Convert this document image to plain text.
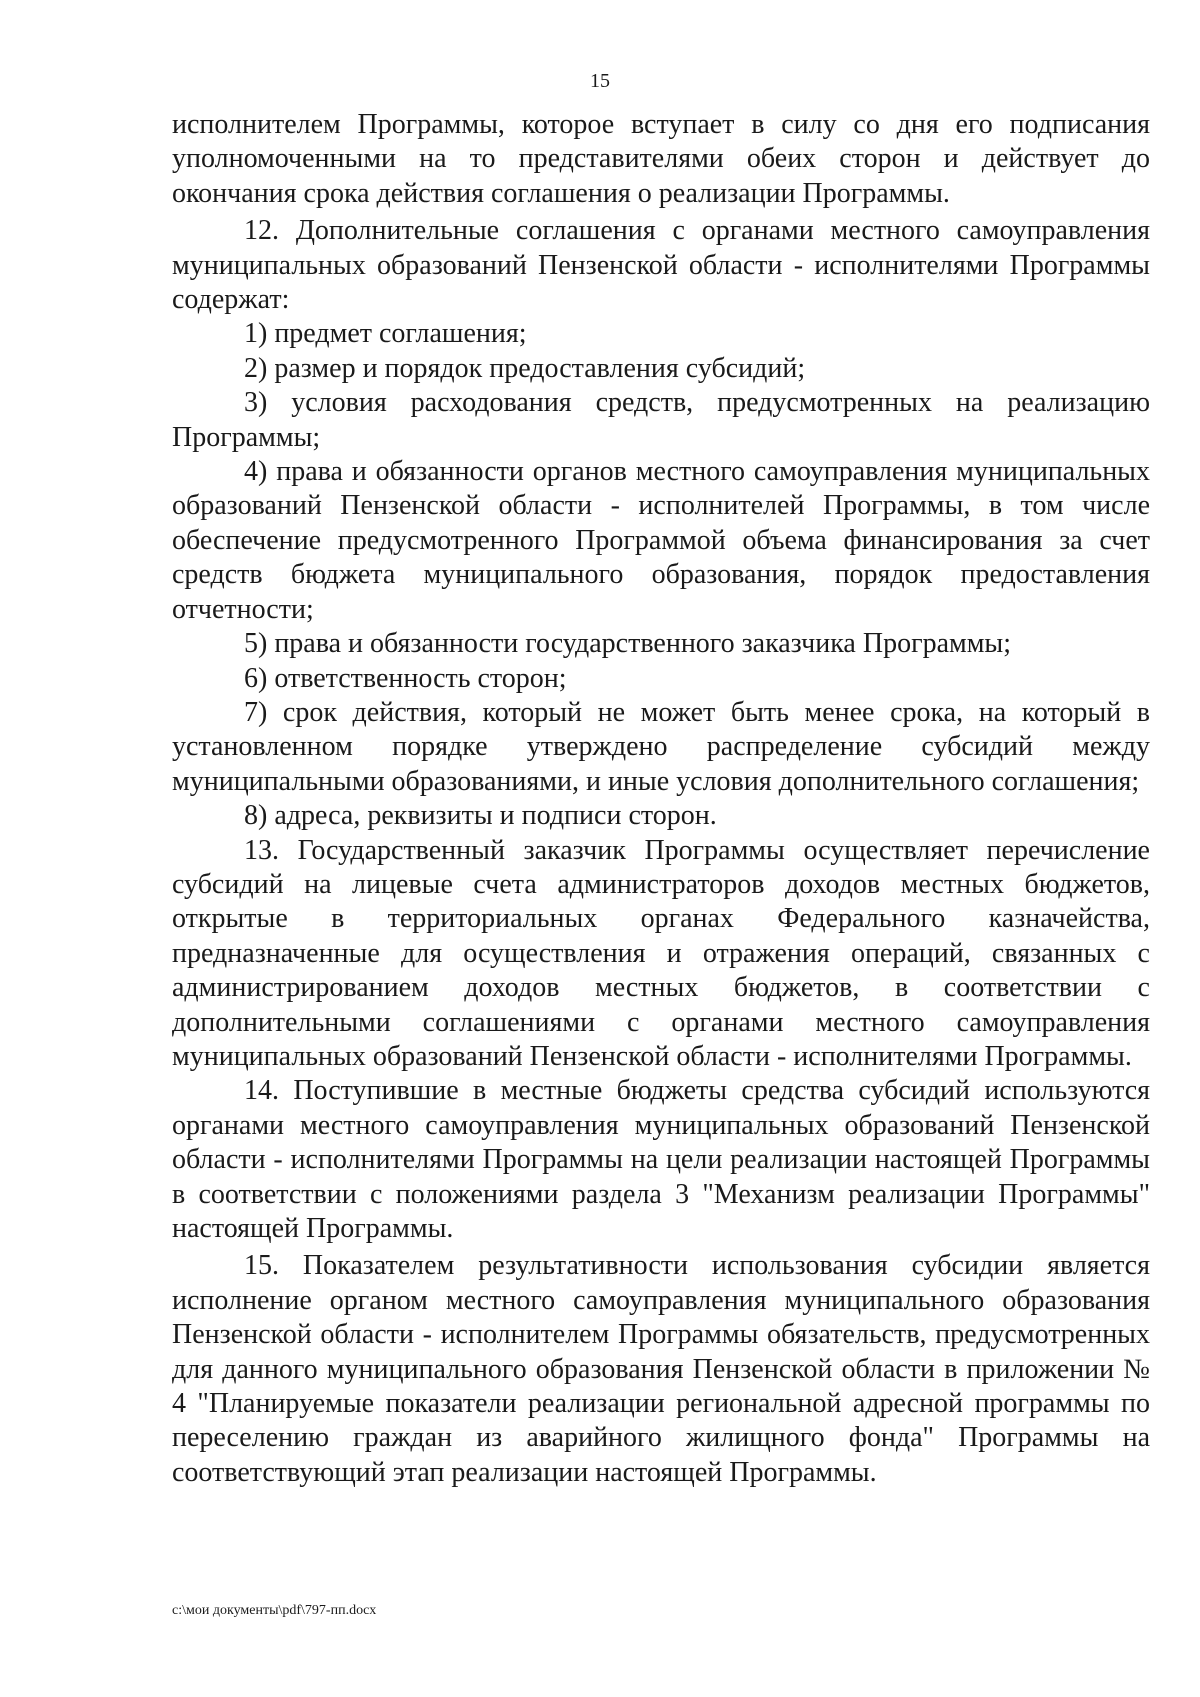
15

исполнителем Программы, которое вступает в силу со дня его подписания уполномоченными на то представителями обеих сторон и действует до окончания срока действия соглашения о реализации Программы.

12. Дополнительные соглашения с органами местного самоуправления муниципальных образований Пензенской области - исполнителями Программы содержат:

1) предмет соглашения;

2) размер и порядок предоставления субсидий;

3) условия расходования средств, предусмотренных на реализацию Программы;

4) права и обязанности органов местного самоуправления муниципальных образований Пензенской области - исполнителей Программы, в том числе обеспечение предусмотренного Программой объема финансирования за счет средств бюджета муниципального образования, порядок предоставления отчетности;

5) права и обязанности государственного заказчика Программы;

6) ответственность сторон;

7) срок действия, который не может быть менее срока, на который в установленном порядке утверждено распределение субсидий между муниципальными образованиями, и иные условия дополнительного соглашения;

8) адреса, реквизиты и подписи сторон.

13. Государственный заказчик Программы осуществляет перечисление субсидий на лицевые счета администраторов доходов местных бюджетов, открытые в территориальных органах Федерального казначейства, предназначенные для осуществления и отражения операций, связанных с администрированием доходов местных бюджетов, в соответствии с дополнительными соглашениями с органами местного самоуправления муниципальных образований Пензенской области - исполнителями Программы.

14. Поступившие в местные бюджеты средства субсидий используются органами местного самоуправления муниципальных образований Пензенской области - исполнителями Программы на цели реализации настоящей Программы в соответствии с положениями раздела 3 "Механизм реализации Программы" настоящей Программы.

15. Показателем результативности использования субсидии является исполнение органом местного самоуправления муниципального образования Пензенской области - исполнителем Программы обязательств, предусмотренных для данного муниципального образования Пензенской области в приложении № 4 "Планируемые показатели реализации региональной адресной программы по переселению граждан из аварийного жилищного фонда" Программы на соответствующий этап реализации настоящей Программы.

c:\мои документы\pdf\797-пп.docx
